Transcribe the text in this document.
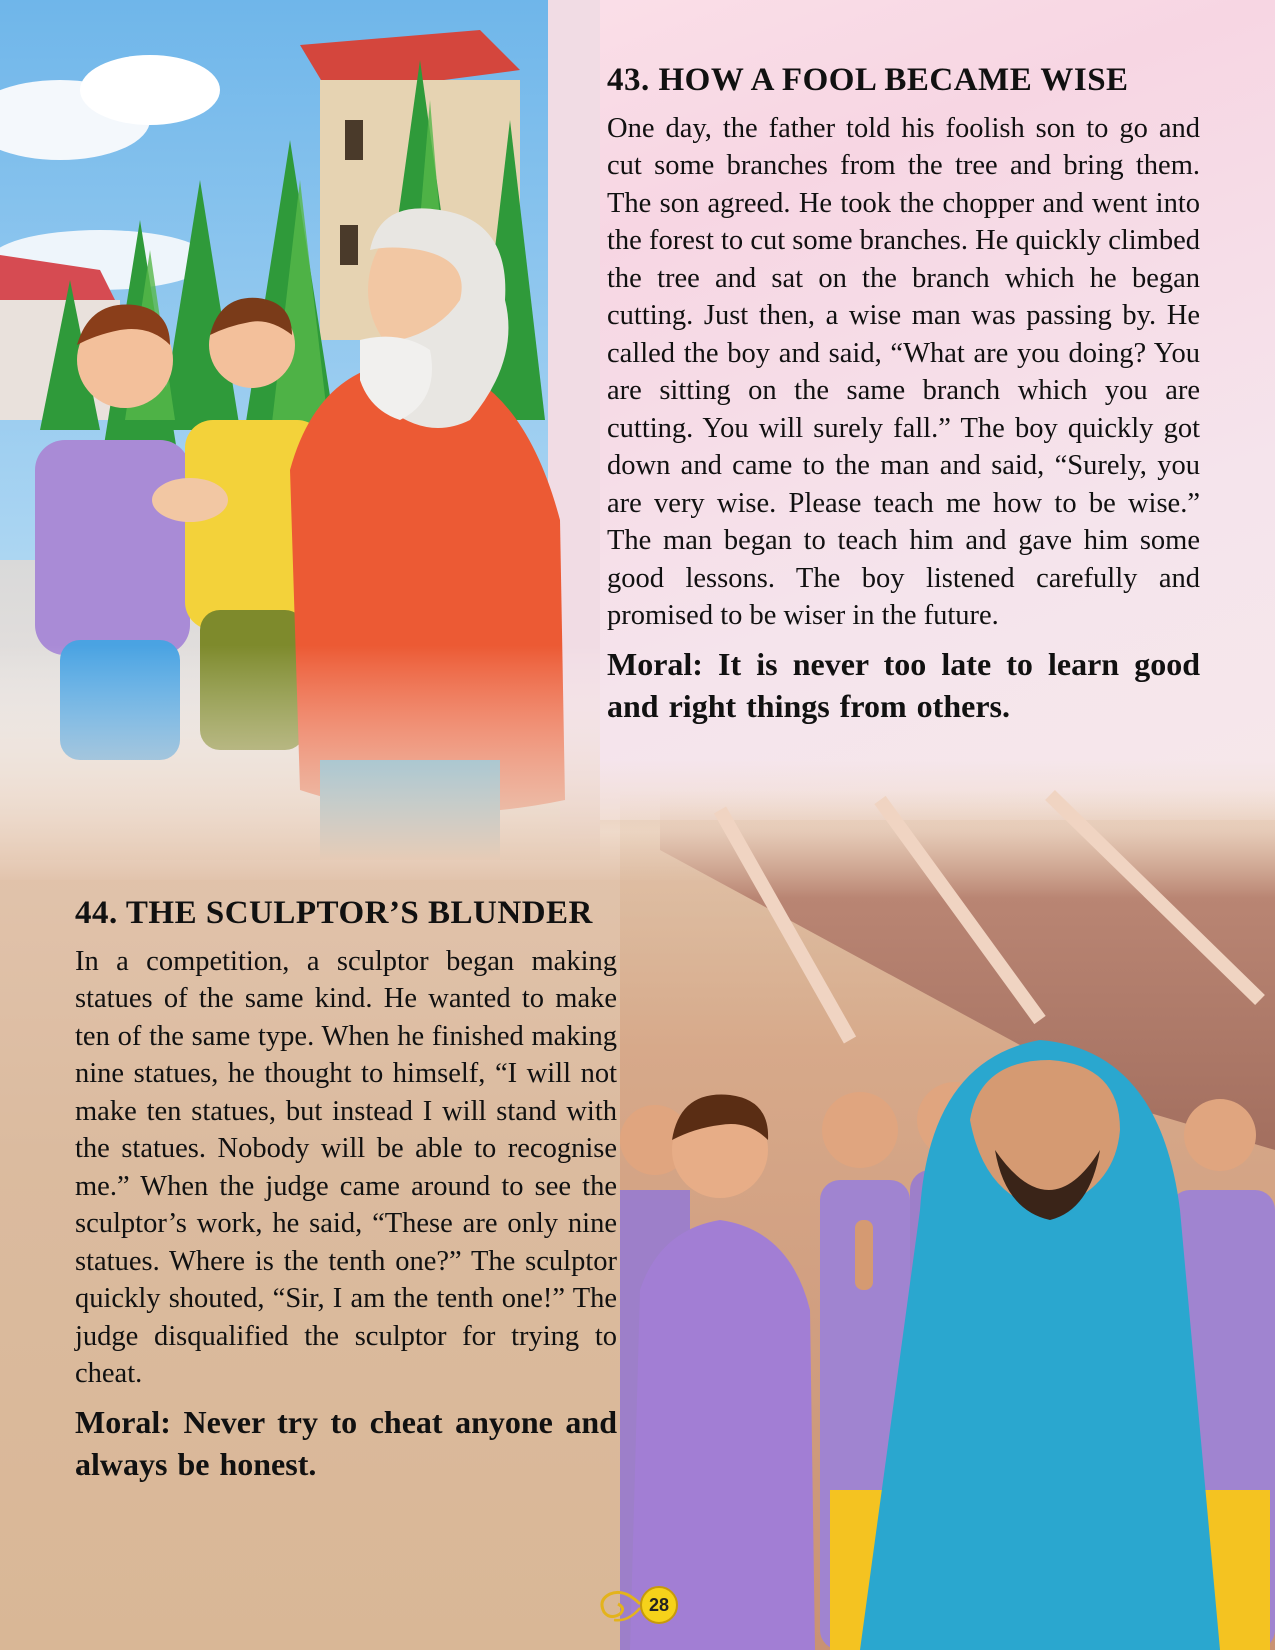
43. HOW A FOOL BECAME WISE

One day, the father told his foolish son to go and cut some branches from the tree and bring them. The son agreed. He took the chopper and went into the forest to cut some branches. He quickly climbed the tree and sat on the branch which he began cutting. Just then, a wise man was passing by. He called the boy and said, “What are you doing? You are sitting on the same branch which you are cutting. You will surely fall.” The boy quickly got down and came to the man and said, “Surely, you are very wise. Please teach me how to be wise.” The man began to teach him and gave him some good lessons. The boy listened carefully and promised to be wiser in the future.

Moral: It is never too late to learn good and right things from others.

44. THE SCULPTOR’S BLUNDER

In a competition, a sculptor began making statues of the same kind. He wanted to make ten of the same type. When he finished making nine statues, he thought to himself, “I will not make ten statues, but instead I will stand with the statues. Nobody will be able to recognise me.” When the judge came around to see the sculptor’s work, he said, “These are only nine statues. Where is the tenth one?” The sculptor quickly shouted, “Sir, I am the tenth one!” The judge disqualified the sculptor for trying to cheat.

Moral: Never try to cheat anyone and always be honest.

28
